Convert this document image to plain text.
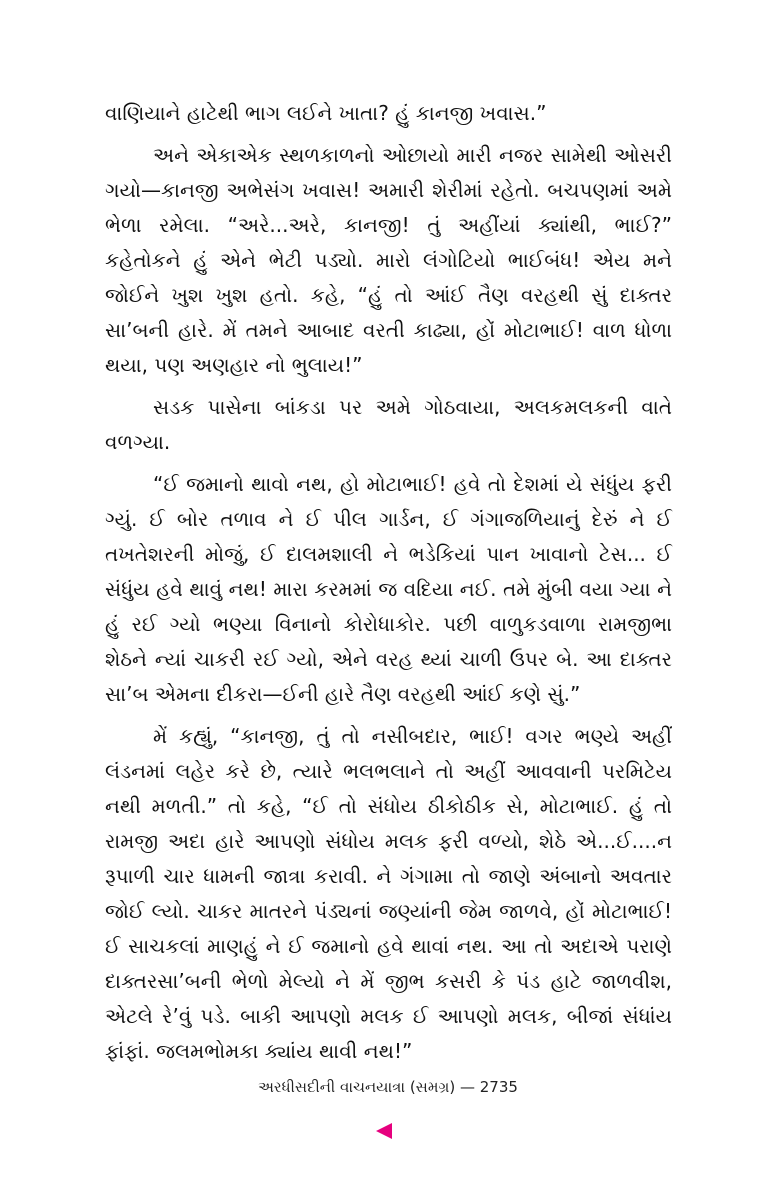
વાણિયાને હાટેથી ભાગ લઈને ખાતા? હું કાનજી ખવાસ.”

અને એકાએક સ્થળકાળનો ઓછાયો મારી નજર સામેથી ઓસરી ગયો—કાનજી અભેસંગ ખવાસ! અમારી શેરીમાં રહેતો. બચપણમાં અમે ભેળા રમેલા. “અરે...અરે, કાનજી! તું અહીંયાં ક્યાંથી, ભાઈ?” કહેતોકને હું એને ભેટી પડ્યો. મારો લંગોટિયો ભાઈબંધ! એય મને જોઈને ખુશ ખુશ હતો. કહે, “હું તો આંઈ તૈણ વરહથી સું દાક્તર સા’બની હારે. મેં તમને આબાદ વરતી કાઢ્યા, હોં મોટાભાઈ! વાળ ધોળા થયા, પણ અણહાર નો ભુલાય!”

સડક પાસેના બાંકડા પર અમે ગોઠવાયા, અલકમલકની વાતે વળગ્યા.

“ઈ જમાનો થાવો નથ, હો મોટાભાઈ! હવે તો દેશમાં યે સંધુંય ફરી ગ્યું. ઈ બોર તળાવ ને ઈ પીલ ગાર્ડન, ઈ ગંગાજળિયાનું દેરું ને ઈ તખતેશરની મોજું, ઈ દાલમશાલી ને ભડેકિયાં પાન ખાવાનો ટેસ... ઈ સંધુંય હવે થાવું નથ! મારા કરમમાં જ વદિયા નઈ. તમે મુંબી વયા ગ્યા ને હું રઈ ગ્યો ભણ્યા વિનાનો કોરોધાકોર. પછી વાળુકડવાળા રામજીભા શેઠને ન્યાં ચાકરી રઈ ગ્યો, એને વરહ થ્યાં ચાળી ઉપર બે. આ દાક્તર સા’બ એમના દીકરા—ઈની હારે તૈણ વરહથી આંઈ કણે સું.”

મેં કહ્યું, “કાનજી, તું તો નસીબદાર, ભાઈ! વગર ભણ્યે અહીં લંડનમાં લહેર કરે છે, ત્યારે ભલભલાને તો અહીં આવવાની પરમિટેય નથી મળતી.” તો કહે, “ઈ તો સંધોય ઠીકોઠીક સે, મોટાભાઈ. હું તો રામજી અદા હારે આપણો સંધોય મલક ફરી વળ્યો, શેઠે એ...ઈ....ન રૂપાળી ચાર ધામની જાત્રા કરાવી. ને ગંગામા તો જાણે અંબાનો અવતાર જોઈ લ્યો. ચાકર માતરને પંડ્યનાં જણ્યાંની જેમ જાળવે, હોં મોટાભાઈ! ઈ સાચકલાં માણહું ને ઈ જમાનો હવે થાવાં નથ. આ તો અદાએ પરાણે દાક્તરસા’બની ભેળો મેલ્યો ને મેં જીભ કસરી કે પંડ હાટે જાળવીશ, એટલે રે’વું પડે. બાકી આપણો મલક ઈ આપણો મલક, બીજાં સંધાંય ફાંફાં. જલમભોમકા ક્યાંય થાવી નથ!”

અરધીસદીની વાચનયાત્રા (સમગ્ર) — 2735
